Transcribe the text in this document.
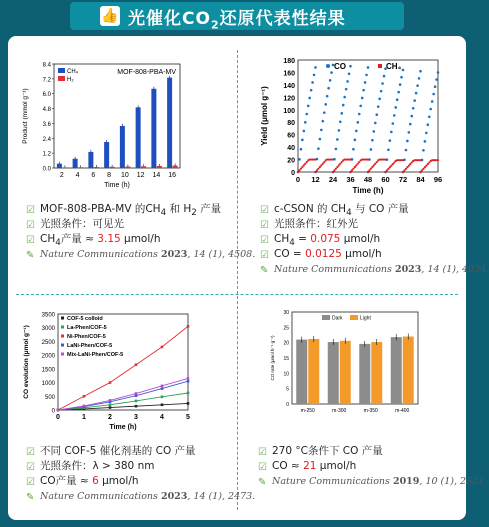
👍 光催化$CO_2$还原代表性结果
0.0
1.2
2.4
3.6
4.8
6.0
7.2
8.4
2 4 6 8 10 12 14 16
Time (h)
Product (mmol g⁻¹)
MOF-808-PBA-MV
CH₄
H₂
☑ MOF-808-PBA-MV 的$CH_4$ 和 $H_2$ 产量
☑ 光照条件：可见光
☑ $CH_4$产量 ≈ 3.15 μmol/h
✎ Nature Communications 2023, 14 (1), 4508.
0
20
40
60
80
100
120
140
160
180
0 12 24 36 48 60 72 84 96
Time (h)
Yield (μmol g⁻¹)
CO	CH₄
☑ c-CSON 的 $CH_4$ 与 CO 产量
☑ 光照条件：红外光
☑ $CH_4 = 0.075$ μmol/h
☑ CO = 0.0125 μmol/h
✎ Nature Communications 2023, 14 (1), 4034.
0
500
1000
1500
2000
2500
3000
3500
0	1	2	3	4	5
Time (h)
CO evolution (μmol g⁻¹)
COF-5 colloid
La-Phen/COF-5
Ni-Phen/COF-5
LaNi-Phen/COF-5
Mix-LaNi-Phen/COF-5
☑ 不同 COF-5 催化剂基的 CO 产量
☑ 光照条件：λ > 380 nm
☑ CO产量 ≈ 6 μmol/h
✎ Nature Communications 2023, 14 (1), 2473.
0
5
10
15
20
25
30
m-250	m-300	m-350	m-400
CO rate (μmol h⁻¹ g⁻¹)
Dark	Light
☑ 270 °C条件下 CO 产量
☑ CO ≈ 21 μmol/h
✎ Nature Communications 2019, 10 (1), 2521.
